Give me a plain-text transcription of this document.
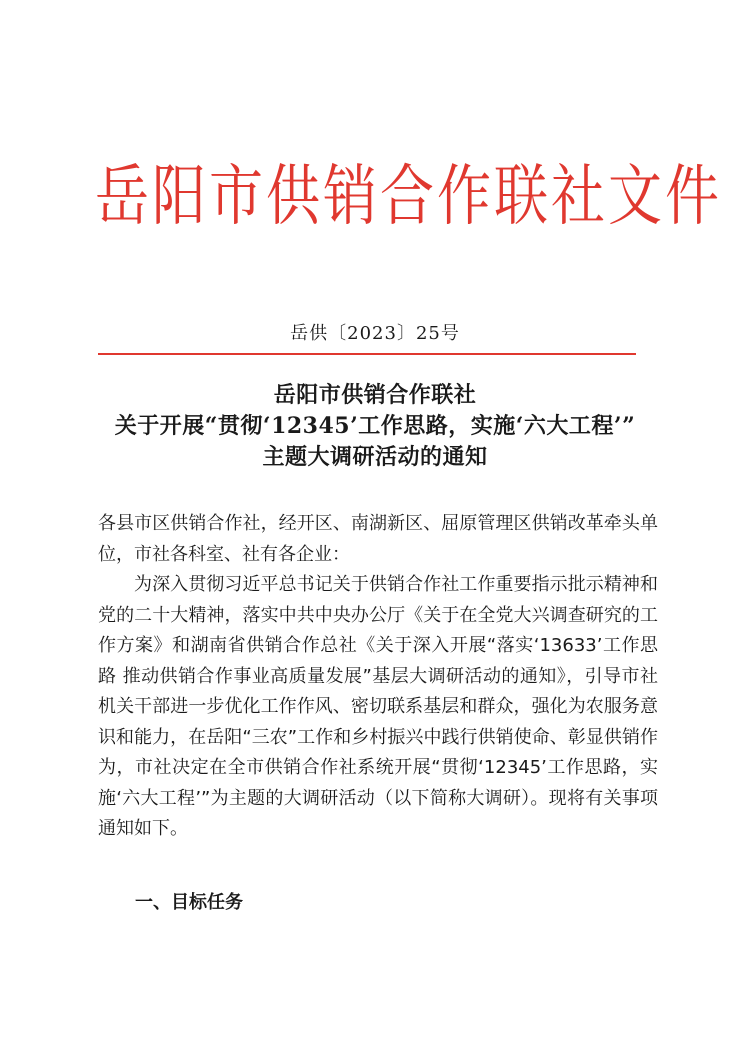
岳阳市供销合作联社文件
岳供〔2023〕25号
岳阳市供销合作联社
关于开展“贯彻‘12345’工作思路，实施‘六大工程’”
主题大调研活动的通知

各县市区供销合作社，经开区、南湖新区、屈原管理区供销改革牵头单位，市社各科室、社有各企业：

为深入贯彻习近平总书记关于供销合作社工作重要指示批示精神和党的二十大精神，落实中共中央办公厅《关于在全党大兴调查研究的工作方案》和湖南省供销合作总社《关于深入开展“落实‘13633’工作思路 推动供销合作事业高质量发展”基层大调研活动的通知》，引导市社机关干部进一步优化工作作风、密切联系基层和群众，强化为农服务意识和能力，在岳阳“三农”工作和乡村振兴中践行供销使命、彰显供销作为，市社决定在全市供销合作社系统开展“贯彻‘12345’工作思路，实施‘六大工程’”为主题的大调研活动（以下简称大调研）。现将有关事项通知如下。

一、目标任务
